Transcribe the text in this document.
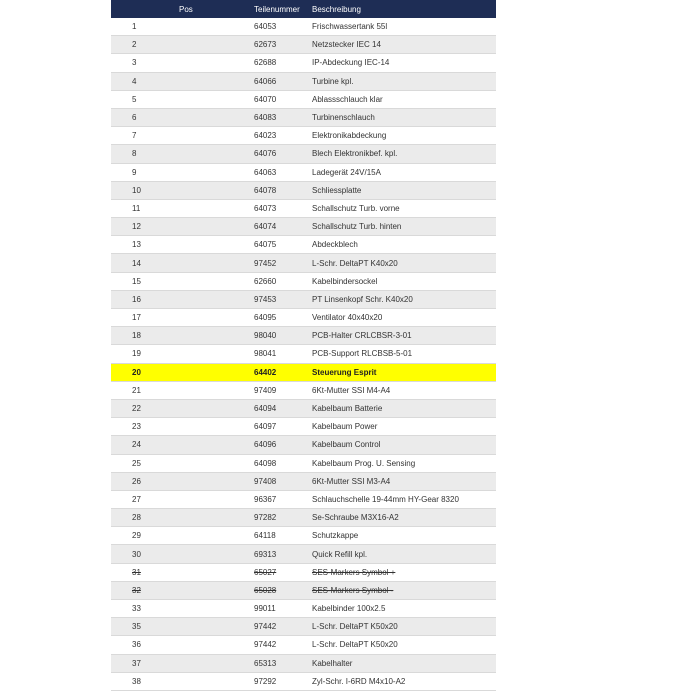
Pos	Teilenummer	Beschreibung
1	64053	Frischwassertank 55l
2	62673	Netzstecker IEC 14
3	62688	IP-Abdeckung IEC-14
4	64066	Turbine kpl.
5	64070	Ablassschlauch klar
6	64083	Turbinenschlauch
7	64023	Elektronikabdeckung
8	64076	Blech Elektronikbef. kpl.
9	64063	Ladegerät 24V/15A
10	64078	Schliessplatte
11	64073	Schallschutz Turb. vorne
12	64074	Schallschutz Turb. hinten
13	64075	Abdeckblech
14	97452	L-Schr. DeltaPT K40x20
15	62660	Kabelbindersockel
16	97453	PT Linsenkopf Schr. K40x20
17	64095	Ventilator 40x40x20
18	98040	PCB-Halter CRLCBSR-3-01
19	98041	PCB-Support RLCBSB-5-01
20	64402	Steuerung Esprit
21	97409	6Kt-Mutter SSI M4-A4
22	64094	Kabelbaum Batterie
23	64097	Kabelbaum Power
24	64096	Kabelbaum Control
25	64098	Kabelbaum Prog. U. Sensing
26	97408	6Kt-Mutter SSI M3-A4
27	96367	Schlauchschelle 19-44mm HY-Gear 8320
28	97282	Se-Schraube M3X16-A2
29	64118	Schutzkappe
30	69313	Quick Refill kpl.
31	65027	SES-Markers Symbol +
32	65028	SES-Markers Symbol -
33	99011	Kabelbinder 100x2.5
35	97442	L-Schr. DeltaPT K50x20
36	97442	L-Schr. DeltaPT K50x20
37	65313	Kabelhalter
38	97292	Zyl-Schr. I-6RD M4x10-A2
